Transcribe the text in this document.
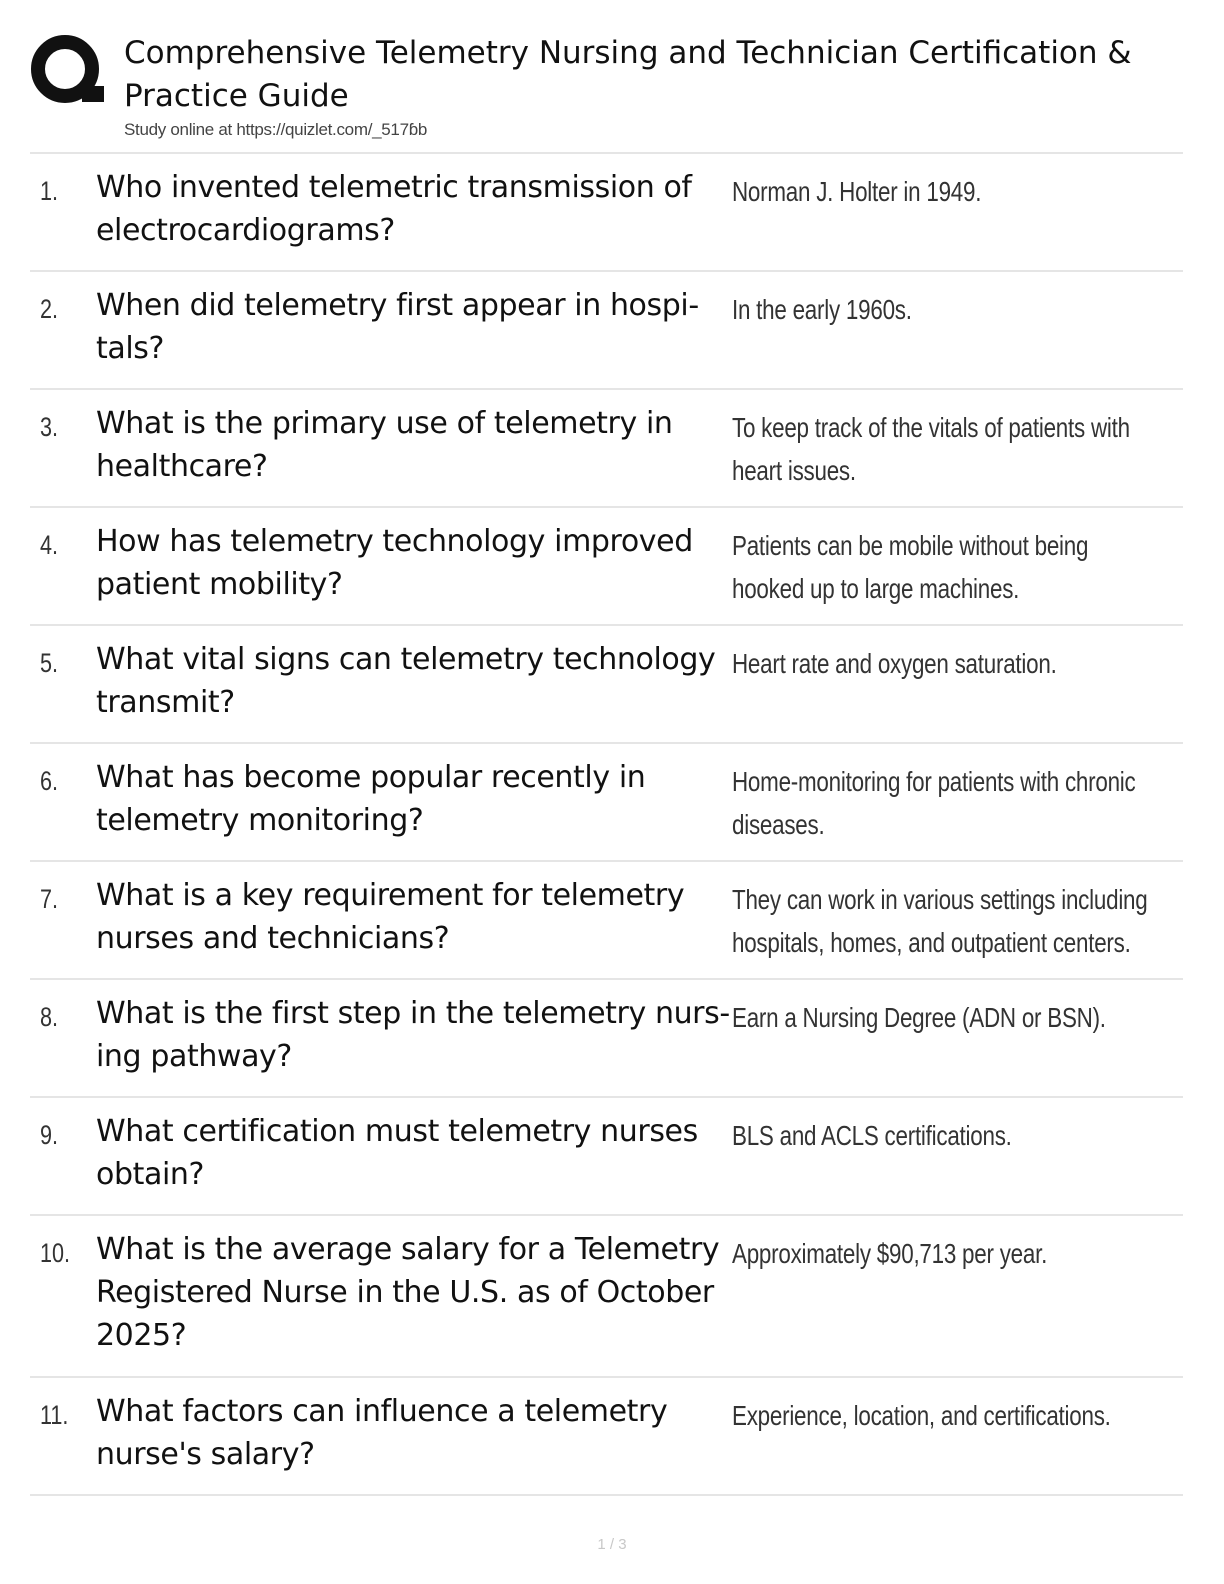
Comprehensive Telemetry Nursing and Technician Certification & Practice Guide
Study online at https://quizlet.com/_517ɓb
1. Who invented telemetric transmission of electrocardiograms?
Norman J. Holter in 1949.
2. When did telemetry first appear in hospi- tals?
In the early 1960s.
3. What is the primary use of telemetry in healthcare?
To keep track of the vitals of patients with heart issues.
4. How has telemetry technology improved patient mobility?
Patients can be mobile without being hooked up to large machines.
5. What vital signs can telemetry technology transmit?
Heart rate and oxygen saturation.
6. What has become popular recently in telemetry monitoring?
Home-monitoring for patients with chronic diseases.
7. What is a key requirement for telemetry nurses and technicians?
They can work in various settings including hospitals, homes, and outpatient centers.
8. What is the first step in the telemetry nurs- ing pathway?
Earn a Nursing Degree (ADN or BSN).
9. What certification must telemetry nurses obtain?
BLS and ACLS certifications.
10. What is the average salary for a Telemetry Registered Nurse in the U.S. as of October 2025?
Approximately $90,713 per year.
11. What factors can influence a telemetry nurse's salary?
Experience, location, and certifications.
1 / 3
